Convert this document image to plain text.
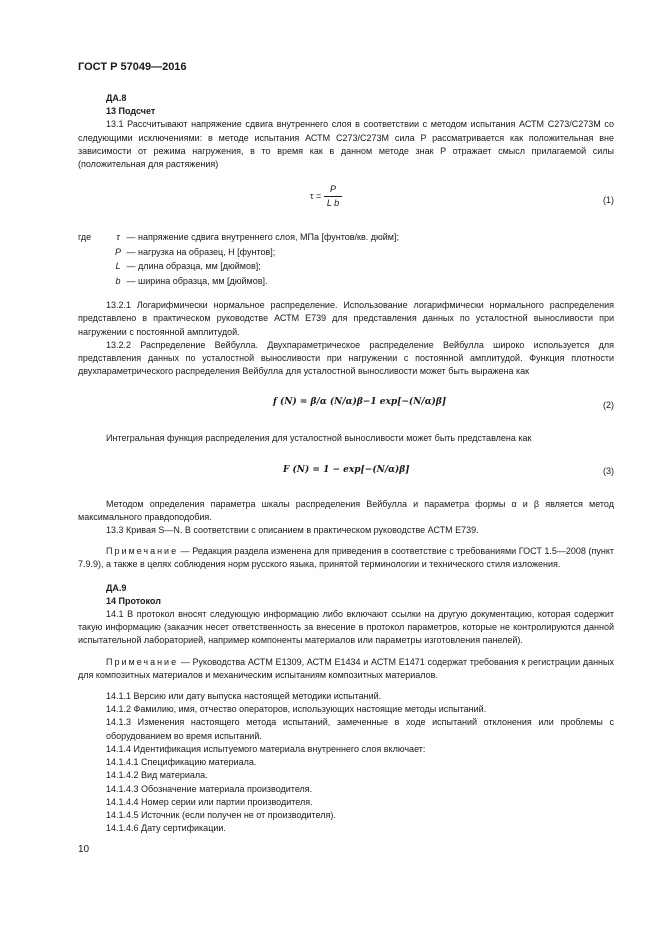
ГОСТ Р 57049—2016
ДА.8
13 Подсчет

13.1 Рассчитывают напряжение сдвига внутреннего слоя в соответствии с методом испытания АСТМ С273/С273М со следующими исключениями: в методе испытания АСТМ С273/С273М сила P рассматривается как положительная вне зависимости от режима нагружения, в то время как в данном методе знак P отражает смысл прилагаемой силы (положительная для растяжения)

$\tau = \frac{P}{\text{L b}}$	(1)
где	τ — напряжение сдвига внутреннего слоя, МПа [фунтов/кв. дюйм];
P — нагрузка на образец, Н [фунтов];
L — длина образца, мм [дюймов];
b — ширина образца, мм [дюймов].

13.2.1 Логарифмически нормальное распределение. Использование логарифмически нормального распределения представлено в практическом руководстве АСТМ Е739 для представления данных по усталостной выносливости при нагружении с постоянной амплитудой.

13.2.2 Распределение Вейбулла. Двухпараметрическое распределение Вейбулла широко используется для представления данных по усталостной выносливости при нагружении с постоянной амплитудой. Функция плотности двухпараметрического распределения Вейбулла для усталостной выносливости может быть выражена как

f (N) = β/α (N/α)β−1 exp[−(N/α)β]	(2)

Интегральная функция распределения для усталостной выносливости может быть представлена как

F (N) = 1 − exp[−(N/α)β]	(3)

Методом определения параметра шкалы распределения Вейбулла и параметра формы α и β является метод максимального правдоподобия.

13.3 Кривая S—N. В соответствии с описанием в практическом руководстве АСТМ Е739.

Примечание — Редакция раздела изменена для приведения в соответствие с требованиями ГОСТ 1.5—2008 (пункт 7.9.9), а также в целях соблюдения норм русского языка, принятой терминологии и технического стиля изложения.

ДА.9
14 Протокол

14.1 В протокол вносят следующую информацию либо включают ссылки на другую документацию, которая содержит такую информацию (заказчик несет ответственность за внесение в протокол параметров, которые не контролируются данной испытательной лабораторией, например компоненты материалов или параметры изготовления панелей).

Примечание — Руководства АСТМ Е1309, АСТМ Е1434 и АСТМ Е1471 содержат требования к регистрации данных для композитных материалов и механическим испытаниям композитных материалов.

14.1.1 Версию или дату выпуска настоящей методики испытаний.

14.1.2 Фамилию, имя, отчество операторов, использующих настоящие методы испытаний.

14.1.3 Изменения настоящего метода испытаний, замеченные в ходе испытаний отклонения или проблемы с оборудованием во время испытаний.

14.1.4 Идентификация испытуемого материала внутреннего слоя включает:

14.1.4.1 Спецификацию материала.

14.1.4.2 Вид материала.

14.1.4.3 Обозначение материала производителя.

14.1.4.4 Номер серии или партии производителя.

14.1.4.5 Источник (если получен не от производителя).

14.1.4.6 Дату сертификации.

10
